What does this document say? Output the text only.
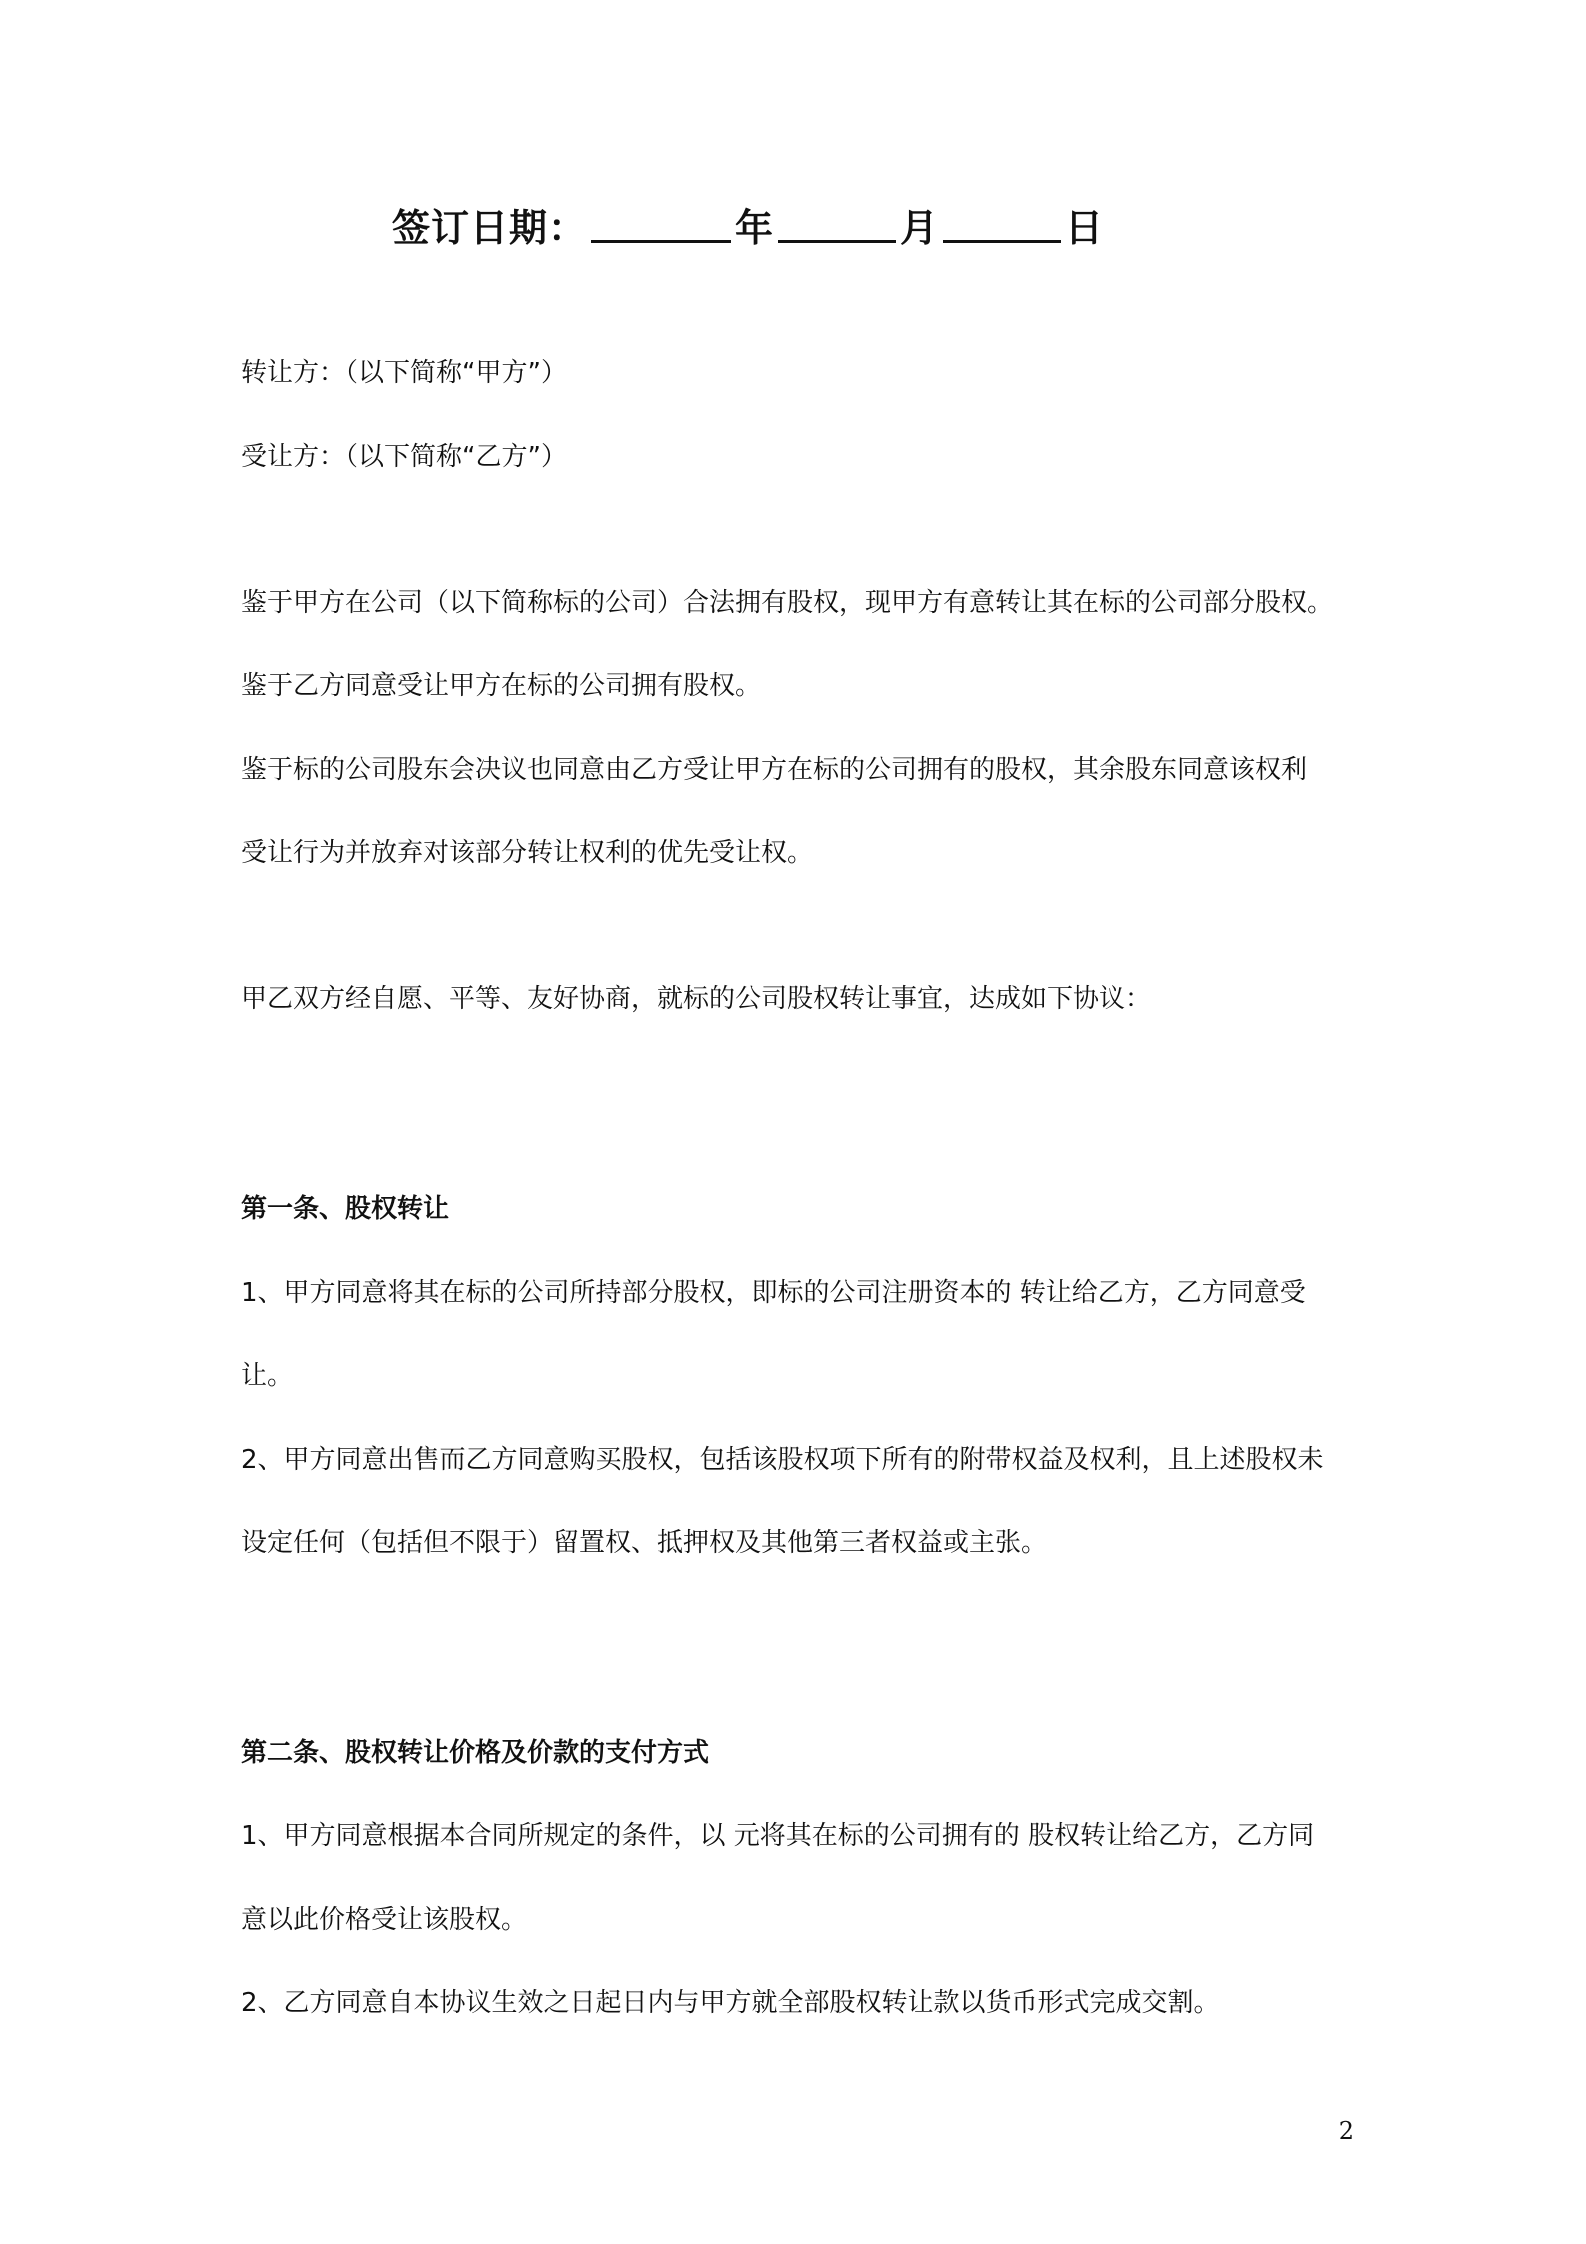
签订日期：	年	月	日
转让方：（以下简称“甲方”）
受让方：（以下简称“乙方”）
鉴于甲方在公司（以下简称标的公司）合法拥有股权，现甲方有意转让其在标的公司部分股权。
鉴于乙方同意受让甲方在标的公司拥有股权。
鉴于标的公司股东会决议也同意由乙方受让甲方在标的公司拥有的股权，其余股东同意该权利
受让行为并放弃对该部分转让权利的优先受让权。
甲乙双方经自愿、平等、友好协商，就标的公司股权转让事宜，达成如下协议：
第一条、股权转让
1、甲方同意将其在标的公司所持部分股权，即标的公司注册资本的 转让给乙方，乙方同意受
让。
2、甲方同意出售而乙方同意购买股权，包括该股权项下所有的附带权益及权利，且上述股权未
设定任何（包括但不限于）留置权、抵押权及其他第三者权益或主张。
第二条、股权转让价格及价款的支付方式
1、甲方同意根据本合同所规定的条件，以 元将其在标的公司拥有的 股权转让给乙方，乙方同
意以此价格受让该股权。
2、乙方同意自本协议生效之日起日内与甲方就全部股权转让款以货币形式完成交割。
2
